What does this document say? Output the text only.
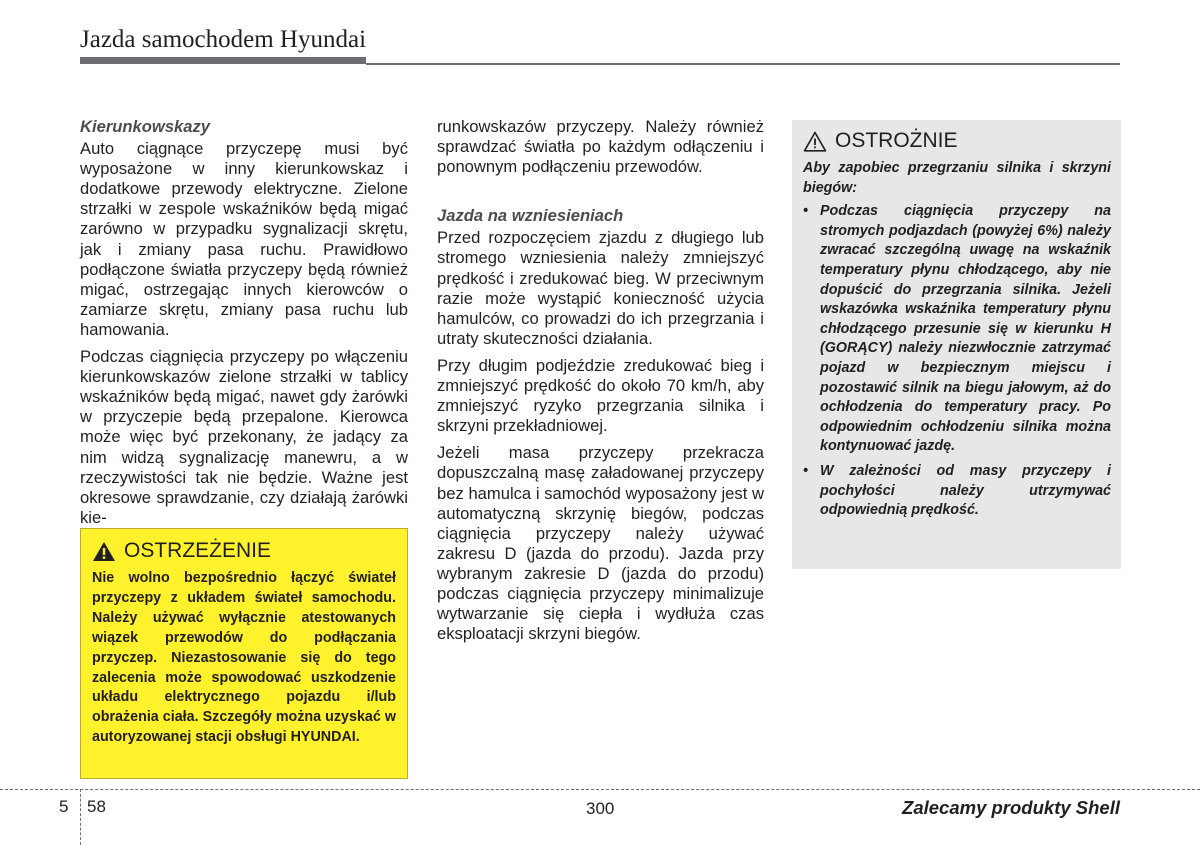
Jazda samochodem Hyundai
Kierunkowskazy

Auto ciągnące przyczepę musi być wyposażone w inny kierunkowskaz i dodatkowe przewody elektryczne. Zielone strzałki w zespole wskaźników będą migać zarówno w przypadku sygnalizacji skrętu, jak i zmiany pasa ruchu. Prawidłowo podłączone światła przyczepy będą również migać, ostrzegając innych kierowców o zamiarze skrętu, zmiany pasa ruchu lub hamowania.

Podczas ciągnięcia przyczepy po włączeniu kierunkowskazów zielone strzałki w tablicy wskaźników będą migać, nawet gdy żarówki w przyczepie będą przepalone. Kierowca może więc być przekonany, że jadący za nim widzą sygnalizację manewru, a w rzeczywistości tak nie będzie. Ważne jest okresowe sprawdzanie, czy działają żarówki kie-

OSTRZEŻENIE

Nie wolno bezpośrednio łączyć świateł przyczepy z układem świateł samochodu. Należy używać wyłącznie atestowanych wiązek przewodów do podłączania przyczep. Niezastosowanie się do tego zalecenia może spowodować uszkodzenie układu elektrycznego pojazdu i/lub obrażenia ciała. Szczegóły można uzyskać w autoryzowanej stacji obsługi HYUNDAI.

runkowskazów przyczepy. Należy również sprawdzać światła po każdym odłączeniu i ponownym podłączeniu przewodów.

Jazda na wzniesieniach

Przed rozpoczęciem zjazdu z długiego lub stromego wzniesienia należy zmniejszyć prędkość i zredukować bieg. W przeciwnym razie może wystąpić konieczność użycia hamulców, co prowadzi do ich przegrzania i utraty skuteczności działania.

Przy długim podjeździe zredukować bieg i zmniejszyć prędkość do około 70 km/h, aby zmniejszyć ryzyko przegrzania silnika i skrzyni przekładniowej.

Jeżeli masa przyczepy przekracza dopuszczalną masę załadowanej przyczepy bez hamulca i samochód wyposażony jest w automatyczną skrzynię biegów, podczas ciągnięcia przyczepy należy używać zakresu D (jazda do przodu). Jazda przy wybranym zakresie D (jazda do przodu) podczas ciągnięcia przyczepy minimalizuje wytwarzanie się ciepła i wydłuża czas eksploatacji skrzyni biegów.

OSTROŻNIE

Aby zapobiec przegrzaniu silnika i skrzyni biegów:

• Podczas ciągnięcia przyczepy na stromych podjazdach (powyżej 6%) należy zwracać szczególną uwagę na wskaźnik temperatury płynu chłodzącego, aby nie dopuścić do przegrzania silnika. Jeżeli wskazówka wskaźnika temperatury płynu chłodzącego przesunie się w kierunku H (GORĄCY) należy niezwłocznie zatrzymać pojazd w bezpiecznym miejscu i pozostawić silnik na biegu jałowym, aż do ochłodzenia do temperatury pracy. Po odpowiednim ochłodzeniu silnika można kontynuować jazdę.
• W zależności od masy przyczepy i pochyłości należy utrzymywać odpowiednią prędkość.
5 58	300	Zalecamy produkty Shell
